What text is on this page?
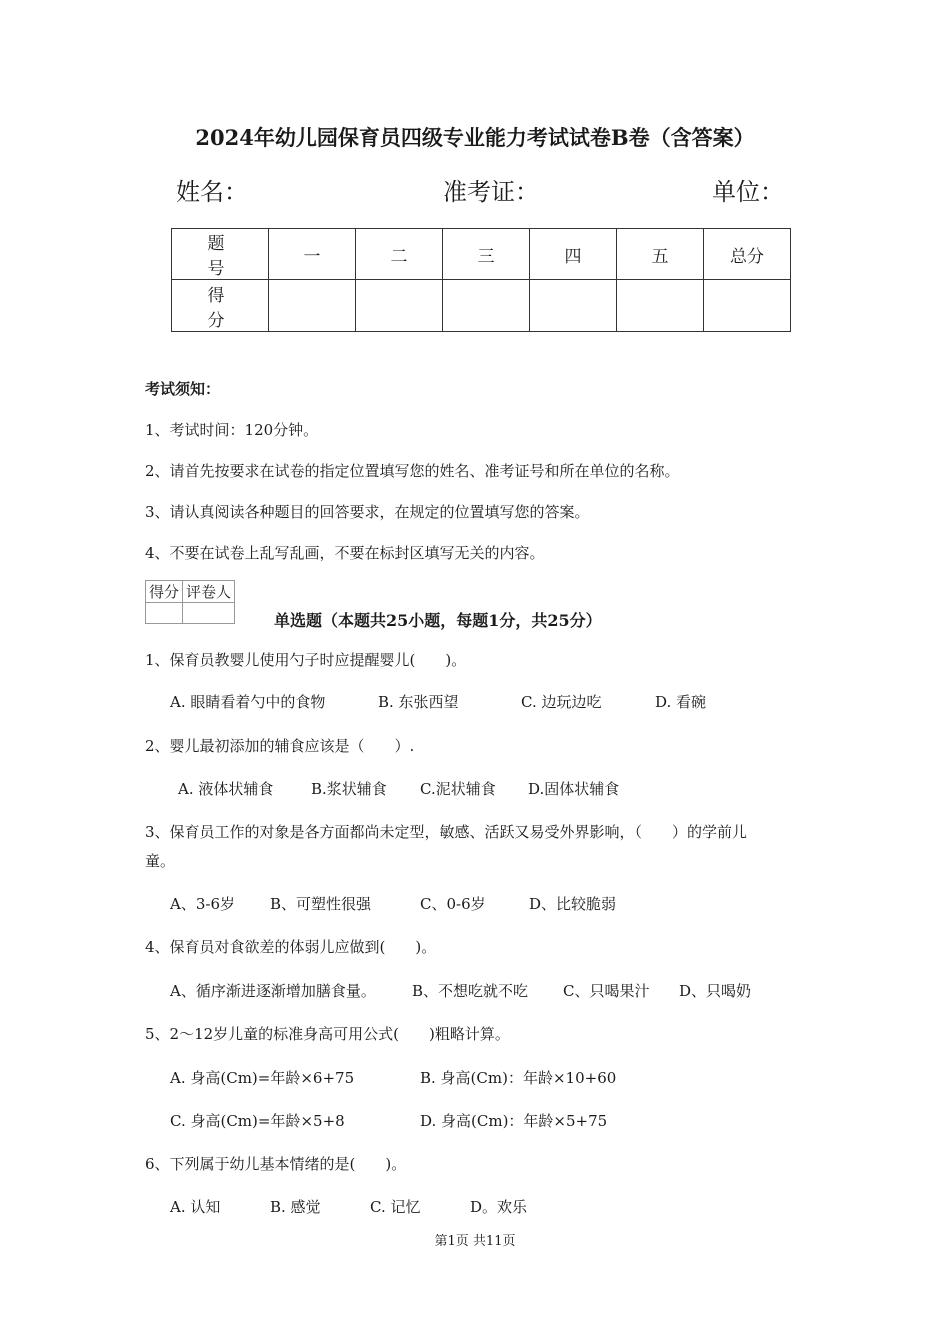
2024年幼儿园保育员四级专业能力考试试卷B卷（含答案）
姓名：	准考证：	单位：
题 号	一	二	三	四	五	总分
得 分						
考试须知：
1、考试时间：120分钟。
2、请首先按要求在试卷的指定位置填写您的姓名、准考证号和所在单位的名称。
3、请认真阅读各种题目的回答要求，在规定的位置填写您的答案。
4、不要在试卷上乱写乱画，不要在标封区填写无关的内容。
得分	评卷人

单选题（本题共25小题，每题1分，共25分）
1、保育员教婴儿使用勺子时应提醒婴儿(　　)。
A. 眼睛看着勺中的食物	B. 东张西望	C. 边玩边吃	D. 看碗
2、婴儿最初添加的辅食应该是（　　）.
A. 液体状辅食	B.浆状辅食 C.泥状辅食 D.固体状辅食
3、保育员工作的对象是各方面都尚未定型，敏感、活跃又易受外界影响，（　　）的学前儿
童。
A、3-6岁 B、可塑性很强	C、0-6岁	D、比较脆弱
4、保育员对食欲差的体弱儿应做到(　　)。
A、循序渐进逐渐增加膳食量。 B、不想吃就不吃 C、只喝果汁 D、只喝奶
5、2～12岁儿童的标准身高可用公式(　　)粗略计算。
A. 身高(Cm)=年龄×6+75	B. 身高(Cm)：年龄×10+60
C. 身高(Cm)=年龄×5+8	D. 身高(Cm)：年龄×5+75
6、下列属于幼儿基本情绪的是(　　)。
A. 认知	B. 感觉	C. 记忆	D。欢乐
第1页 共11页
